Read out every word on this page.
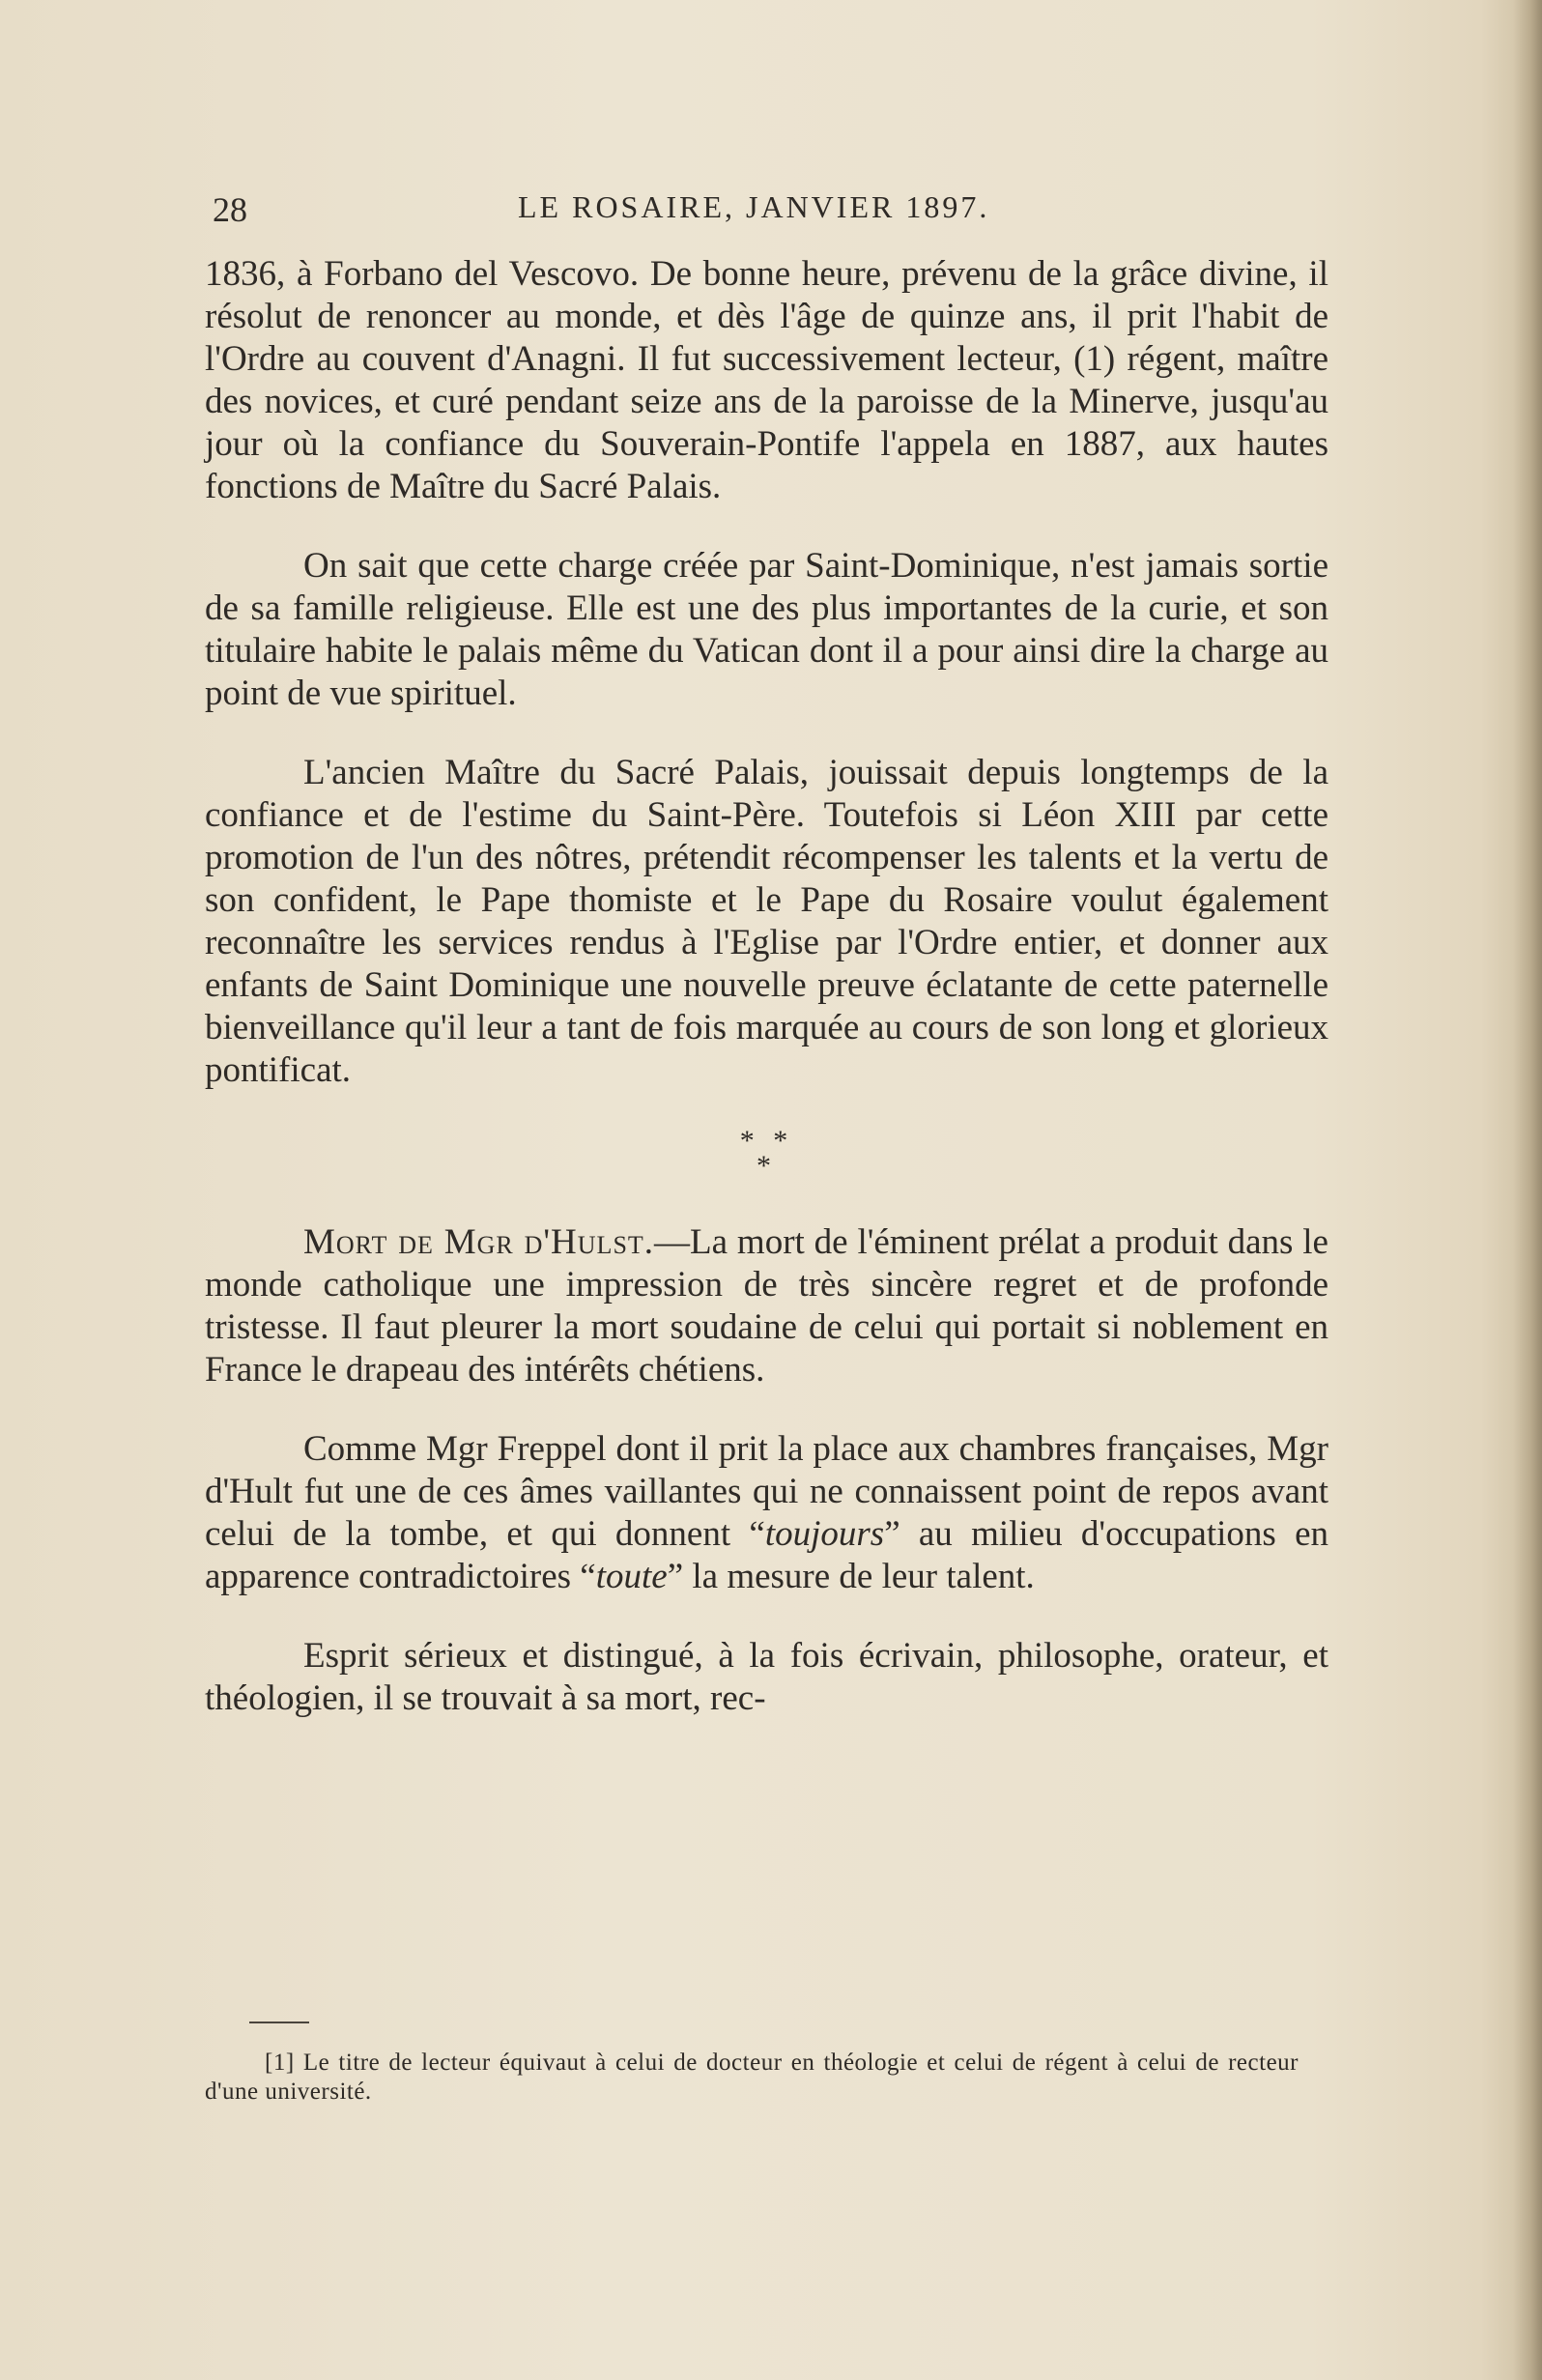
28	LE ROSAIRE, JANVIER 1897.

1836, à Forbano del Vescovo. De bonne heure, prévenu de la grâce divine, il résolut de renoncer au monde, et dès l'âge de quinze ans, il prit l'habit de l'Ordre au couvent d'Anagni. Il fut successivement lecteur, (1) régent, maître des novices, et curé pendant seize ans de la paroisse de la Minerve, jusqu'au jour où la confiance du Souverain-Pontife l'appela en 1887, aux hautes fonctions de Maître du Sacré Palais.

On sait que cette charge créée par Saint-Dominique, n'est jamais sortie de sa famille religieuse. Elle est une des plus importantes de la curie, et son titulaire habite le palais même du Vatican dont il a pour ainsi dire la charge au point de vue spirituel.

L'ancien Maître du Sacré Palais, jouissait depuis longtemps de la confiance et de l'estime du Saint-Père. Toutefois si Léon XIII par cette promotion de l'un des nôtres, prétendit récompenser les talents et la vertu de son confident, le Pape thomiste et le Pape du Rosaire voulut également reconnaître les services rendus à l'Eglise par l'Ordre entier, et donner aux enfants de Saint Dominique une nouvelle preuve éclatante de cette paternelle bienveillance qu'il leur a tant de fois marquée au cours de son long et glorieux pontificat.

* *
*

Mort de Mgr d'Hulst.—La mort de l'éminent prélat a produit dans le monde catholique une impression de très sincère regret et de profonde tristesse. Il faut pleurer la mort soudaine de celui qui portait si noblement en France le drapeau des intérêts chétiens.

Comme Mgr Freppel dont il prit la place aux chambres françaises, Mgr d'Hult fut une de ces âmes vaillantes qui ne connaissent point de repos avant celui de la tombe, et qui donnent “toujours” au milieu d'occupations en apparence contradictoires “toute” la mesure de leur talent.

Esprit sérieux et distingué, à la fois écrivain, philosophe, orateur, et théologien, il se trouvait à sa mort, rec-

[1] Le titre de lecteur équivaut à celui de docteur en théologie et celui de régent à celui de recteur d'une université.
